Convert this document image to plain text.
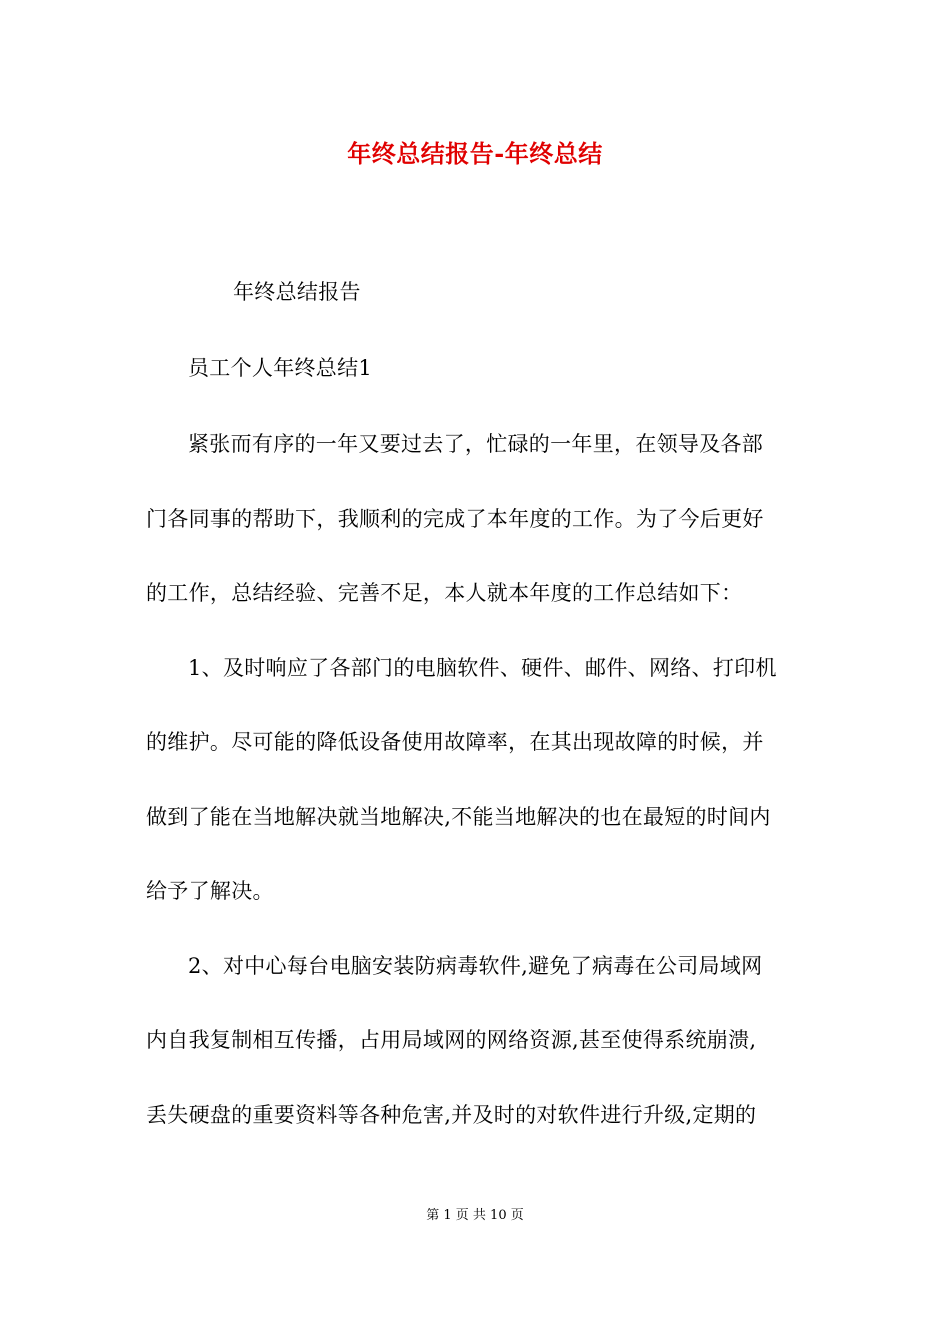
年终总结报告-年终总结
年终总结报告
员工个人年终总结1
紧张而有序的一年又要过去了，忙碌的一年里，在领导及各部
门各同事的帮助下，我顺利的完成了本年度的工作。为了今后更好
的工作，总结经验、完善不足，本人就本年度的工作总结如下：
1、及时响应了各部门的电脑软件、硬件、邮件、网络、打印机
的维护。尽可能的降低设备使用故障率，在其出现故障的时候，并
做到了能在当地解决就当地解决,不能当地解决的也在最短的时间内
给予了解决。
2、对中心每台电脑安装防病毒软件,避免了病毒在公司局域网
内自我复制相互传播，占用局域网的网络资源,甚至使得系统崩溃,
丢失硬盘的重要资料等各种危害,并及时的对软件进行升级,定期的
第 1 页 共 10 页
